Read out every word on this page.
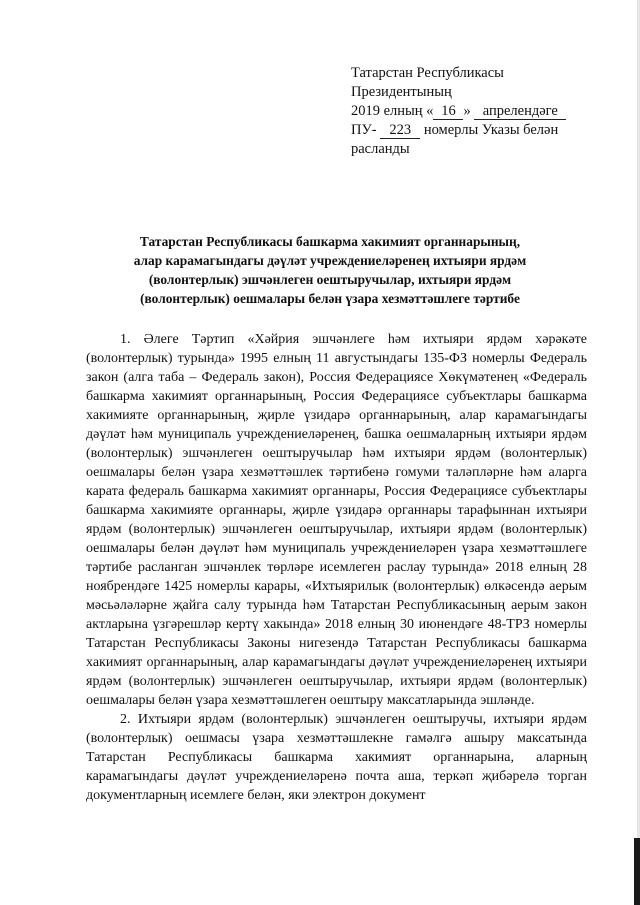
Татарстан Республикасы
Президентының
2019 елның « 16 » апрелендәге
ПУ- 223 номерлы Указы белән
расланды
Татарстан Республикасы башкарма хакимият органнарының,
алар карамагындагы дәүләт учреждениеләренең ихтыяри ярдәм
(волонтерлык) эшчәнлеген оештыручылар, ихтыяри ярдәм
(волонтерлык) оешмалары белән үзара хезмәттәшлеге тәртибе

1. Әлеге Тәртип «Хәйрия эшчәнлеге һәм ихтыяри ярдәм хәрәкәте (волонтерлык) турында» 1995 елның 11 августындагы 135-ФЗ номерлы Федераль закон (алга таба – Федераль закон), Россия Федерациясе Хөкүмәтенең «Федераль башкарма хакимият органнарының, Россия Федерациясе субъектлары башкарма хакимияте органнарының, җирле үзидарә органнарының, алар карамагындагы дәүләт һәм муниципаль учреждениеләренең, башка оешмаларның ихтыяри ярдәм (волонтерлык) эшчәнлеген оештыручылар һәм ихтыяри ярдәм (волонтерлык) оешмалары белән үзара хезмәттәшлек тәртибенә гомуми таләпләрне һәм аларга карата федераль башкарма хакимият органнары, Россия Федерациясе субъектлары башкарма хакимияте органнары, җирле үзидарә органнары тарафыннан ихтыяри ярдәм (волонтерлык) эшчәнлеген оештыручылар, ихтыяри ярдәм (волонтерлык) оешмалары белән дәүләт һәм муниципаль учреждениеләрен үзара хезмәттәшлеге тәртибе расланган эшчәнлек төрләре исемлеген раслау турында» 2018 елның 28 ноябрендәге 1425 номерлы карары, «Ихтыярилык (волонтерлык) өлкәсендә аерым мәсьәләләрне җайга салу турында һәм Татарстан Республикасының аерым закон актларына үзгәрешләр кертү хакында» 2018 елның 30 июнендәге 48-ТРЗ номерлы Татарстан Республикасы Законы нигезендә Татарстан Республикасы башкарма хакимият органнарының, алар карамагындагы дәүләт учреждениеләренең ихтыяри ярдәм (волонтерлык) эшчәнлеген оештыручылар, ихтыяри ярдәм (волонтерлык) оешмалары белән үзара хезмәттәшлеген оештыру максатларында эшләнде.

2. Ихтыяри ярдәм (волонтерлык) эшчәнлеген оештыручы, ихтыяри ярдәм (волонтерлык) оешмасы үзара хезмәттәшлекне гамәлгә ашыру максатында Татарстан Республикасы башкарма хакимият органнарына, аларның карамагындагы дәүләт учреждениеләренә почта аша, теркәп җибәрелә торган документларның исемлеге белән, яки электрон документ
